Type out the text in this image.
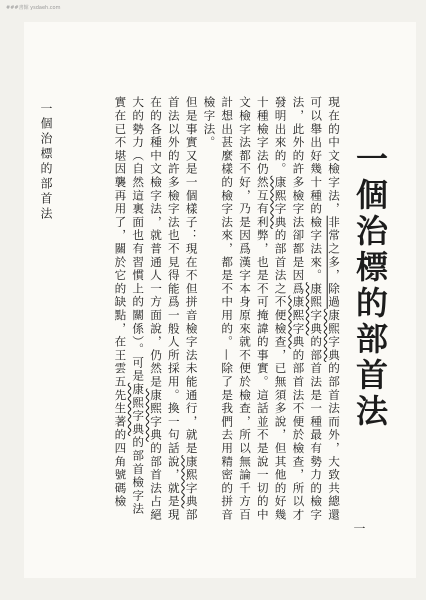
###書館 ysdaeh.com
一個治標的部首法

現在的中文檢字法，非常之多，除過康熙字典的部首法而外，大致共總還可以舉出好幾十種的檢字法來。康熙字典的部首法是一種最有勢力的檢字法，此外的許多檢字法卻都是因爲康熙字典的部首法不便於檢查，所以才發明出來的。康熙字典的部首法之不便檢查，已無須多說，但其他的好幾十種檢字法仍然互有利弊，也是不可掩諱的事實。這話並不是說一切的中文檢字法都不好，乃是因爲漢字本身原來就不便於檢查，所以無論千方百計想出甚麼樣的檢字法來，都是不中用的。—除了是我們去用精密的拼音檢字法。

但是事實又是一個樣子：現在不但拼音檢字法未能通行，就是康熙字典部首法以外的許多檢字法也不見得能爲一般人所採用。換一句話說，就是現在的各種中文檢字法，就普通人一方面說，仍然是康熙字典的部首法占絕大的勢力（自然這裏面也有習慣上的關係）。可是康熙字典的部首檢字法實在已不堪因襲再用了，關於它的缺點，在王雲五先生著的四角號碼檢

一
一個治標的部首法
